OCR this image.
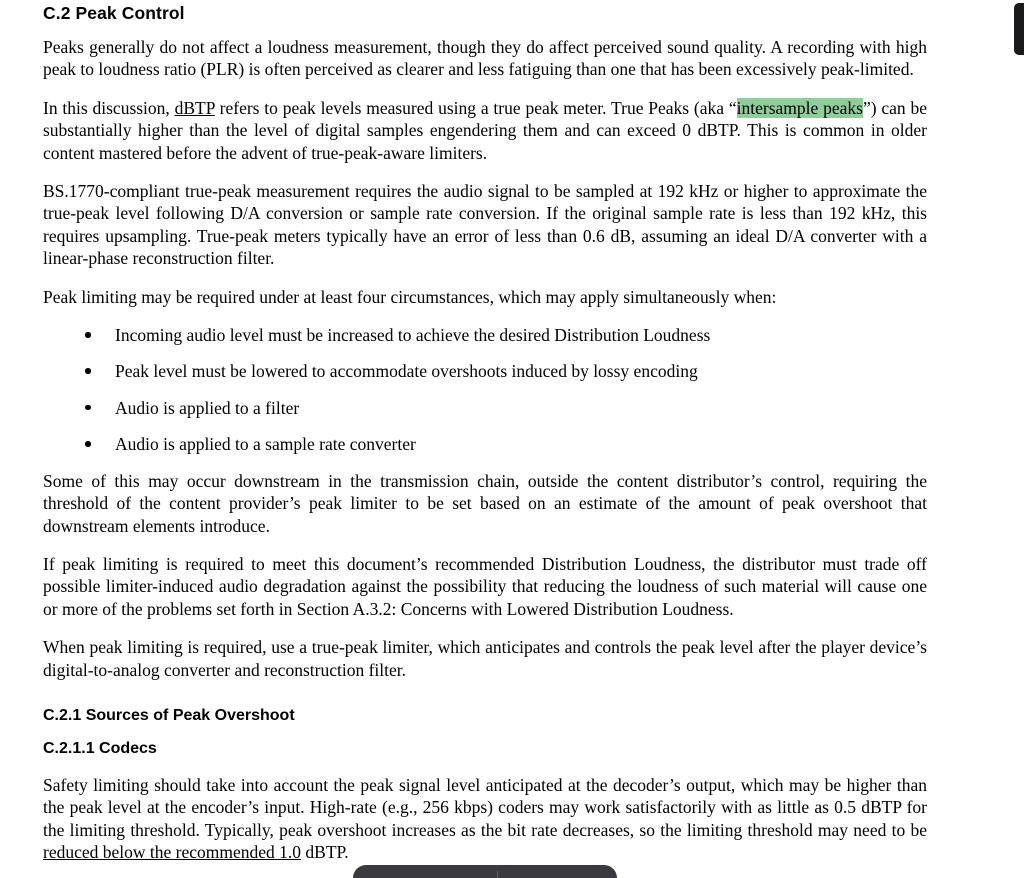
C.2 Peak Control

Peaks generally do not affect a loudness measurement, though they do affect perceived sound quality. A recording with high peak to loudness ratio (PLR) is often perceived as clearer and less fatiguing than one that has been excessively peak-limited.

In this discussion, dBTP refers to peak levels measured using a true peak meter. True Peaks (aka “intersample peaks”) can be substantially higher than the level of digital samples engendering them and can exceed 0 dBTP. This is common in older content mastered before the advent of true-peak-aware limiters.

BS.1770-compliant true-peak measurement requires the audio signal to be sampled at 192 kHz or higher to approximate the true-peak level following D/A conversion or sample rate conversion. If the original sample rate is less than 192 kHz, this requires upsampling. True-peak meters typically have an error of less than 0.6 dB, assuming an ideal D/A converter with a linear-phase reconstruction filter.

Peak limiting may be required under at least four circumstances, which may apply simultaneously when:

Incoming audio level must be increased to achieve the desired Distribution Loudness
Peak level must be lowered to accommodate overshoots induced by lossy encoding
Audio is applied to a filter
Audio is applied to a sample rate converter

Some of this may occur downstream in the transmission chain, outside the content distributor’s control, requiring the threshold of the content provider’s peak limiter to be set based on an estimate of the amount of peak overshoot that downstream elements introduce.

If peak limiting is required to meet this document’s recommended Distribution Loudness, the distributor must trade off possible limiter-induced audio degradation against the possibility that reducing the loudness of such material will cause one or more of the problems set forth in Section A.3.2: Concerns with Lowered Distribution Loudness.

When peak limiting is required, use a true-peak limiter, which anticipates and controls the peak level after the player device’s digital-to-analog converter and reconstruction filter.

C.2.1 Sources of Peak Overshoot
C.2.1.1 Codecs

Safety limiting should take into account the peak signal level anticipated at the decoder’s output, which may be higher than the peak level at the encoder’s input. High-rate (e.g., 256 kbps) coders may work satisfactorily with as little as 0.5 dBTP for the limiting threshold. Typically, peak overshoot increases as the bit rate decreases, so the limiting threshold may need to be reduced below the recommended 1.0 dBTP.
